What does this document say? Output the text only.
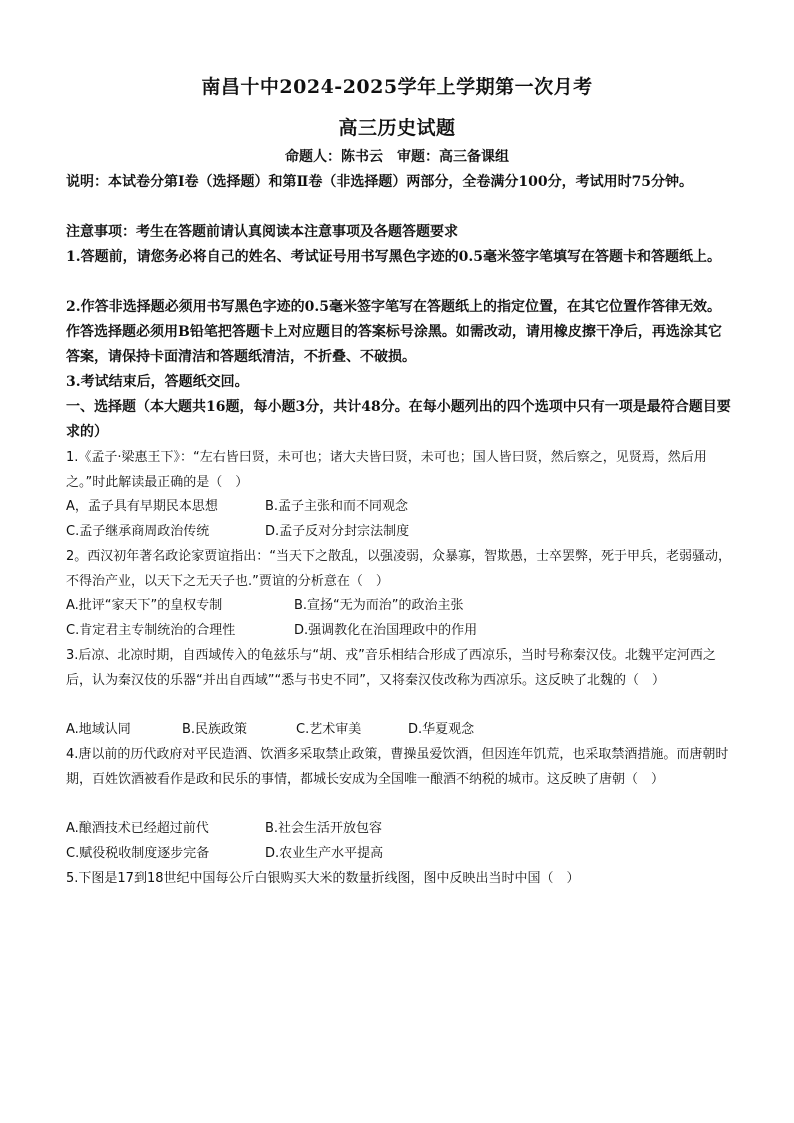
南昌十中2024-2025学年上学期第一次月考
高三历史试题
命题人：陈书云　审题：高三备课组
说明：本试卷分第Ⅰ卷（选择题）和第Ⅱ卷（非选择题）两部分，全卷满分100分，考试用时75分钟。
注意事项：考生在答题前请认真阅读本注意事项及各题答题要求
1.答题前，请您务必将自己的姓名、考试证号用书写黑色字迹的0.5毫米签字笔填写在答题卡和答题纸上。
2.作答非选择题必须用书写黑色字迹的0.5毫米签字笔写在答题纸上的指定位置，在其它位置作答律无效。作答选择题必须用B铅笔把答题卡上对应题目的答案标号涂黑。如需改动，请用橡皮擦干净后，再选涂其它答案，请保持卡面清洁和答题纸清洁，不折叠、不破损。
3.考试结束后，答题纸交回。
一、选择题（本大题共16题，每小题3分，共计48分。在每小题列出的四个选项中只有一项是最符合题目要求的）
1.《孟子·梁惠王下》：“左右皆曰贤，未可也；诸大夫皆曰贤，未可也；国人皆曰贤，然后察之，见贤焉，然后用之。”时此解读最正确的是（　）
A，孟子具有早期民本思想	B.孟子主张和而不同观念
C.孟子继承商周政治传统	D.孟子反对分封宗法制度
2。西汉初年著名政论家贾谊指出：“当天下之散乱，以强凌弱，众暴寡，智欺愚，士卒罢弊，死于甲兵，老弱骚动，不得治产业，以天下之无天子也.”贾谊的分析意在（　）
A.批评“家天下”的皇权专制	B.宣扬“无为而治”的政治主张
C.肯定君主专制统治的合理性	D.强调教化在治国理政中的作用
3.后凉、北凉时期，自西域传入的龟兹乐与“胡、戎”音乐相结合形成了西凉乐，当时号称秦汉伎。北魏平定河西之后，认为秦汉伎的乐器“并出自西域”“悉与书史不同”，又将秦汉伎改称为西凉乐。这反映了北魏的（　）
A.地域认同	B.民族政策	C.艺术审美	D.华夏观念
4.唐以前的历代政府对平民造酒、饮酒多采取禁止政策，曹操虽爱饮酒，但因连年饥荒，也采取禁酒措施。而唐朝时期，百姓饮酒被看作是政和民乐的事情，都城长安成为全国唯一酿酒不纳税的城市。这反映了唐朝（　）
A.酿酒技术已经超过前代	B.社会生活开放包容
C.赋役税收制度逐步完备	D.农业生产水平提高
5.下图是17到18世纪中国每公斤白银购买大米的数量折线图，图中反映出当时中国（　）
